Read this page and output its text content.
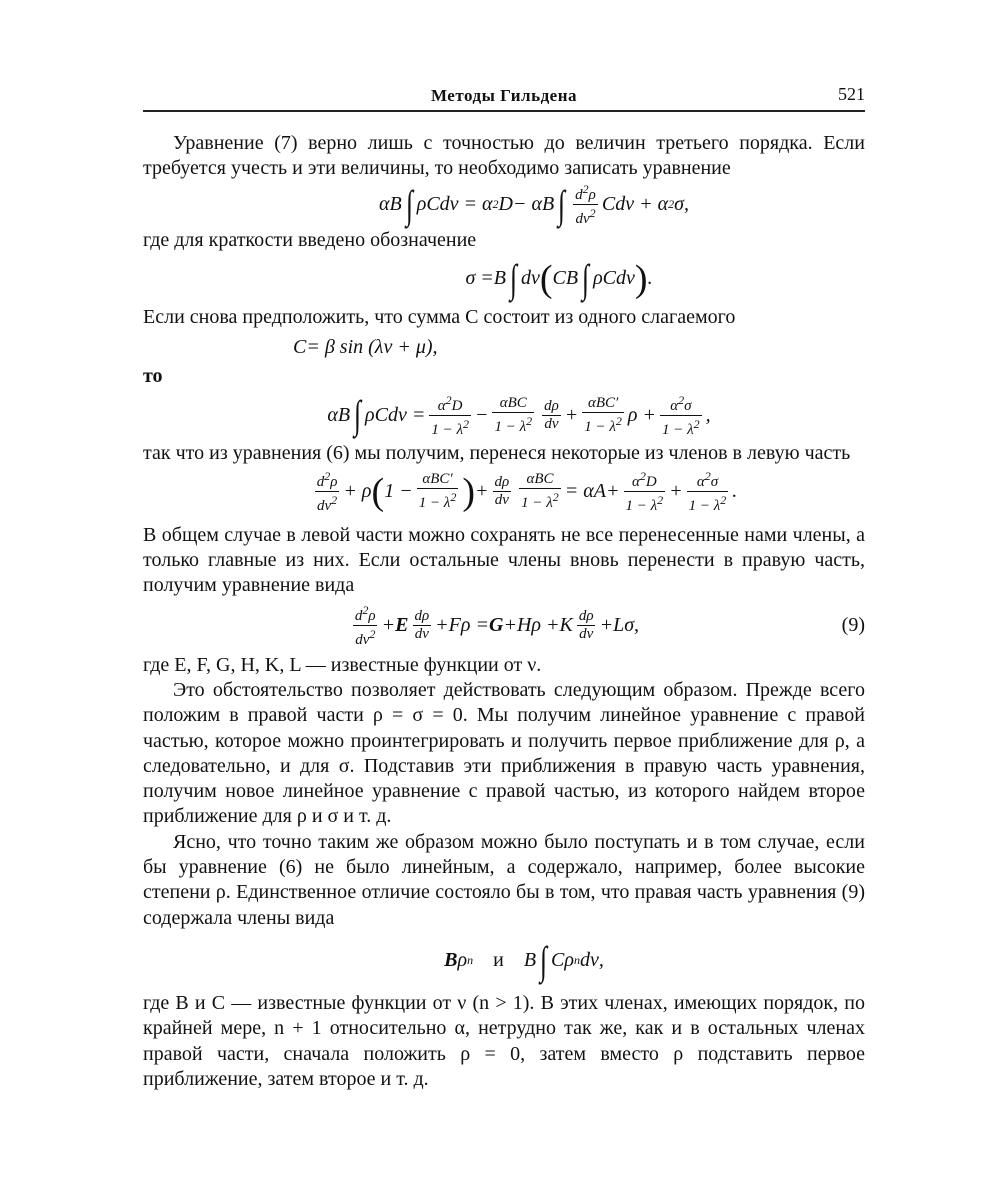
Методы Гильдена	521

Уравнение (7) верно лишь с точностью до величин третьего порядка. Если требуется учесть и эти величины, то необходимо записать уравнение

α B ∫ ρ C d ν = α 2 D − α B ∫ $\frac{d^2\rho}{d\nu^2}$ C d ν + α 2 σ,

где для краткости введено обозначение

σ = B ∫ d ν ( C B ∫ ρ C d ν ) .

Если снова предположить, что сумма C состоит из одного слагаемого

C = β sin (λν + μ),

то

α B ∫ ρ C d $\nu = \frac{\alpha^2D}{1 - \lambda^2} - \frac{\text{αBC}}{1 - \lambda^2} \frac{d\rho}{d\nu} + \frac{\text{αBC′}}{1 - \lambda^2}$ $\rho + \frac{\alpha^2\sigma}{1 - \lambda^2}$ ,

так что из уравнения (6) мы получим, перенеся некоторые из членов в левую часть

$\frac{d^2\rho}{d\nu^2} + \rho$ ( $1 - \frac{\text{αBC′}}{1 - \lambda^2}$ ) + $\frac{d\rho}{d\nu} \frac{\text{αBC}}{1 - \lambda^2} = \alpha$ $A + \frac{\alpha^2D}{1 - \lambda^2} + \frac{\alpha^2\sigma}{1 - \lambda^2}$ .

В общем случае в левой части можно сохранять не все перенесенные нами члены, а только главные из них. Если остальные члены вновь перенести в правую часть, получим уравнение вида

$\frac{d^2\rho}{d\nu^2} + E \frac{d\rho}{d\nu} + F$ ρ = G + H ρ + K $\frac{d\rho}{d\nu} + L$ σ,	(9)

где E, F, G, H, K, L — известные функции от ν.

Это обстоятельство позволяет действовать следующим образом. Прежде всего положим в правой части ρ = σ = 0. Мы получим линейное уравнение с правой частью, которое можно проинтегрировать и получить первое приближение для ρ, а следовательно, и для σ. Подставив эти приближения в правую часть уравнения, получим новое линейное уравнение с правой частью, из которого найдем второе приближение для ρ и σ и т. д.

Ясно, что точно таким же образом можно было поступать и в том случае, если бы уравнение (6) не было линейным, а содержало, например, более высокие степени ρ. Единственное отличие состояло бы в том, что правая часть уравнения (9) содержала члены вида

B ρ n и B ∫ C ρ n d ν,

где B и C — известные функции от ν (n > 1). В этих членах, имеющих порядок, по крайней мере, n + 1 относительно α, нетрудно так же, как и в остальных членах правой части, сначала положить ρ = 0, затем вместо ρ подставить первое приближение, затем второе и т. д.
